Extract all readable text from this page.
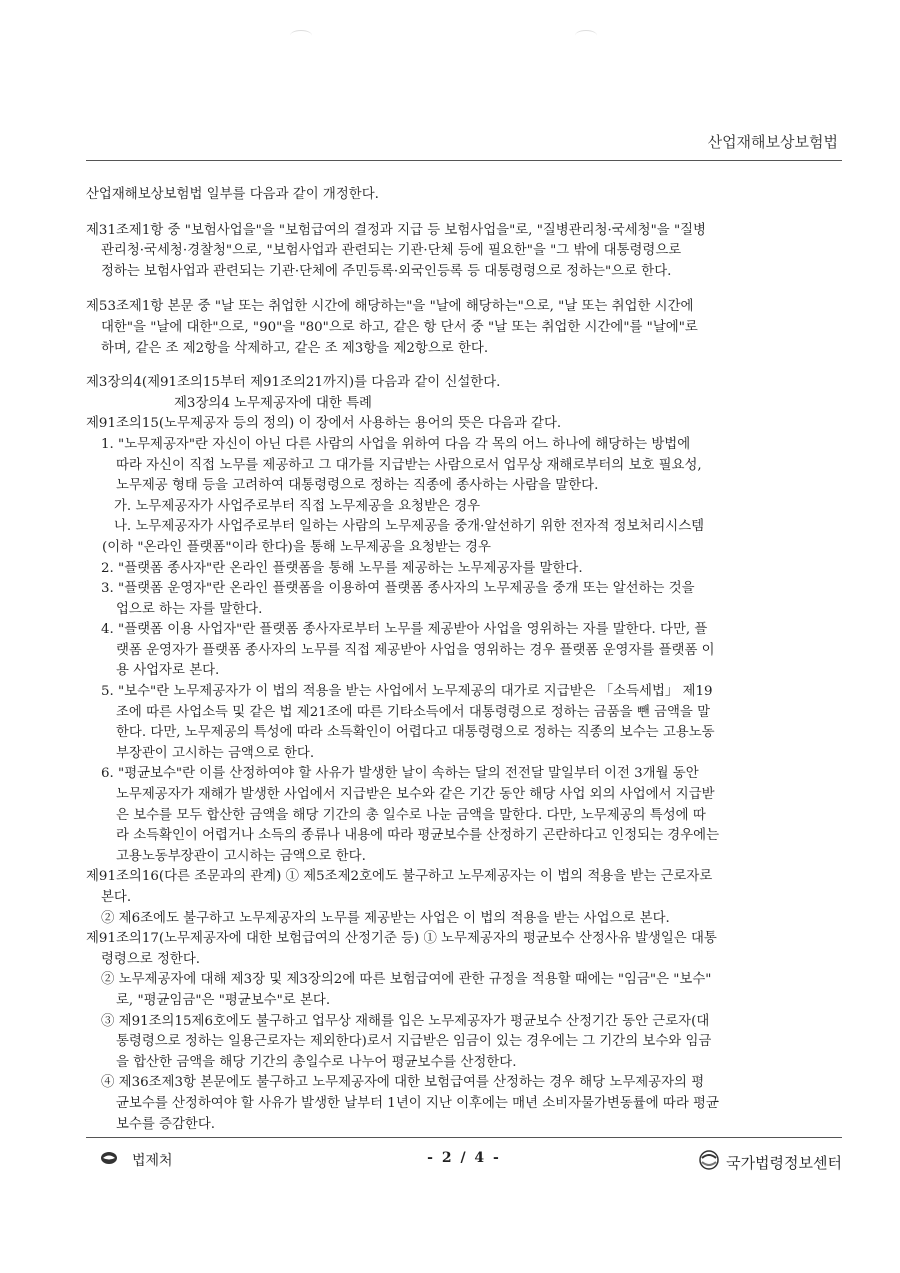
산업재해보상보험법

산업재해보상보험법 일부를 다음과 같이 개정한다.

제31조제1항 중 "보험사업을"을 "보험급여의 결정과 지급 등 보험사업을"로, "질병관리청·국세청"을 "질병
관리청·국세청·경찰청"으로, "보험사업과 관련되는 기관·단체 등에 필요한"을 "그 밖에 대통령령으로
정하는 보험사업과 관련되는 기관·단체에 주민등록·외국인등록 등 대통령령으로 정하는"으로 한다.
제53조제1항 본문 중 "날 또는 취업한 시간에 해당하는"을 "날에 해당하는"으로, "날 또는 취업한 시간에
대한"을 "날에 대한"으로, "90"을 "80"으로 하고, 같은 항 단서 중 "날 또는 취업한 시간에"를 "날에"로
하며, 같은 조 제2항을 삭제하고, 같은 조 제3항을 제2항으로 한다.

제3장의4(제91조의15부터 제91조의21까지)를 다음과 같이 신설한다.

제3장의4 노무제공자에 대한 특례

제91조의15(노무제공자 등의 정의) 이 장에서 사용하는 용어의 뜻은 다음과 같다.

1. "노무제공자"란 자신이 아닌 다른 사람의 사업을 위하여 다음 각 목의 어느 하나에 해당하는 방법에
따라 자신이 직접 노무를 제공하고 그 대가를 지급받는 사람으로서 업무상 재해로부터의 보호 필요성,
노무제공 형태 등을 고려하여 대통령령으로 정하는 직종에 종사하는 사람을 말한다.
가. 노무제공자가 사업주로부터 직접 노무제공을 요청받은 경우
나. 노무제공자가 사업주로부터 일하는 사람의 노무제공을 중개·알선하기 위한 전자적 정보처리시스템
(이하 "온라인 플랫폼"이라 한다)을 통해 노무제공을 요청받는 경우
2. "플랫폼 종사자"란 온라인 플랫폼을 통해 노무를 제공하는 노무제공자를 말한다.
3. "플랫폼 운영자"란 온라인 플랫폼을 이용하여 플랫폼 종사자의 노무제공을 중개 또는 알선하는 것을
업으로 하는 자를 말한다.
4. "플랫폼 이용 사업자"란 플랫폼 종사자로부터 노무를 제공받아 사업을 영위하는 자를 말한다. 다만, 플
랫폼 운영자가 플랫폼 종사자의 노무를 직접 제공받아 사업을 영위하는 경우 플랫폼 운영자를 플랫폼 이
용 사업자로 본다.
5. "보수"란 노무제공자가 이 법의 적용을 받는 사업에서 노무제공의 대가로 지급받은 「소득세법」 제19
조에 따른 사업소득 및 같은 법 제21조에 따른 기타소득에서 대통령령으로 정하는 금품을 뺀 금액을 말
한다. 다만, 노무제공의 특성에 따라 소득확인이 어렵다고 대통령령으로 정하는 직종의 보수는 고용노동
부장관이 고시하는 금액으로 한다.
6. "평균보수"란 이를 산정하여야 할 사유가 발생한 날이 속하는 달의 전전달 말일부터 이전 3개월 동안
노무제공자가 재해가 발생한 사업에서 지급받은 보수와 같은 기간 동안 해당 사업 외의 사업에서 지급받
은 보수를 모두 합산한 금액을 해당 기간의 총 일수로 나눈 금액을 말한다. 다만, 노무제공의 특성에 따
라 소득확인이 어렵거나 소득의 종류나 내용에 따라 평균보수를 산정하기 곤란하다고 인정되는 경우에는
고용노동부장관이 고시하는 금액으로 한다.
제91조의16(다른 조문과의 관계) ① 제5조제2호에도 불구하고 노무제공자는 이 법의 적용을 받는 근로자로
본다.
② 제6조에도 불구하고 노무제공자의 노무를 제공받는 사업은 이 법의 적용을 받는 사업으로 본다.
제91조의17(노무제공자에 대한 보험급여의 산정기준 등) ① 노무제공자의 평균보수 산정사유 발생일은 대통
령령으로 정한다.
② 노무제공자에 대해 제3장 및 제3장의2에 따른 보험급여에 관한 규정을 적용할 때에는 "임금"은 "보수"
로, "평균임금"은 "평균보수"로 본다.
③ 제91조의15제6호에도 불구하고 업무상 재해를 입은 노무제공자가 평균보수 산정기간 동안 근로자(대
통령령으로 정하는 일용근로자는 제외한다)로서 지급받은 임금이 있는 경우에는 그 기간의 보수와 임금
을 합산한 금액을 해당 기간의 총일수로 나누어 평균보수를 산정한다.
④ 제36조제3항 본문에도 불구하고 노무제공자에 대한 보험급여를 산정하는 경우 해당 노무제공자의 평
균보수를 산정하여야 할 사유가 발생한 날부터 1년이 지난 이후에는 매년 소비자물가변동률에 따라 평균
보수를 증감한다.
법제처	- 2 / 4 -	국가법령정보센터
